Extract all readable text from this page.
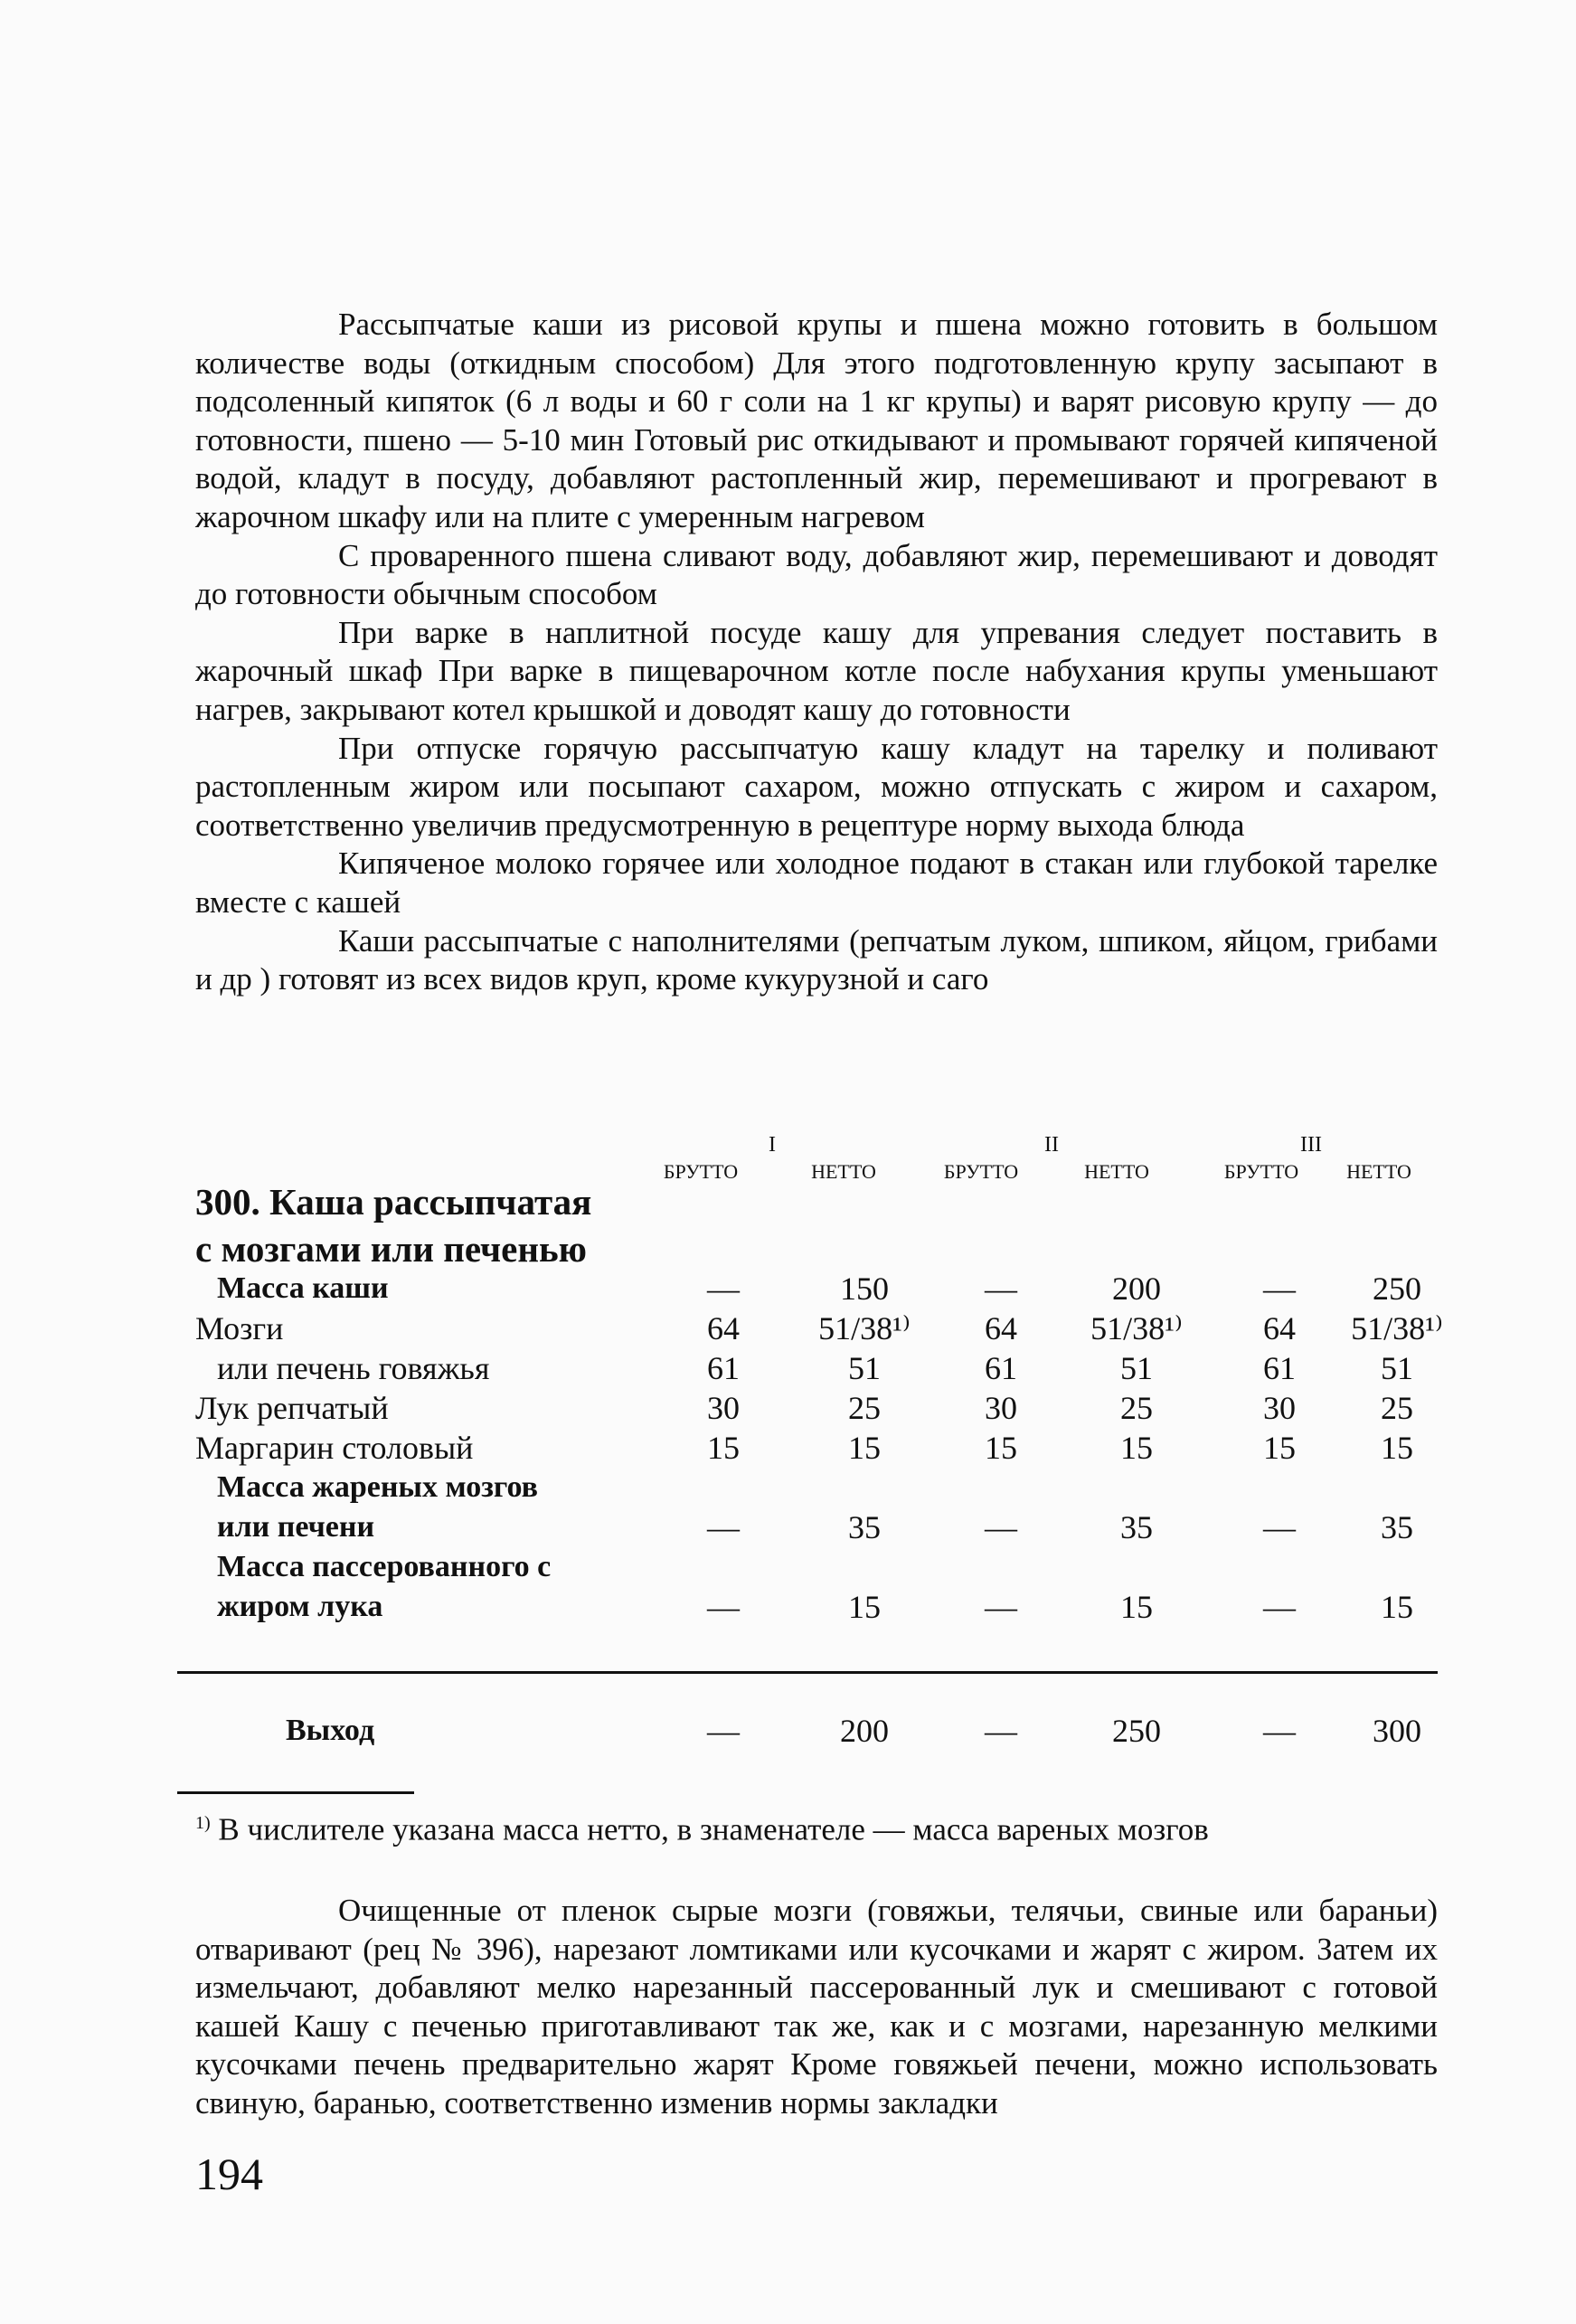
Рассыпчатые каши из рисовой крупы и пшена можно готовить в большом количестве воды (откидным способом) Для этого подготовленную крупу засыпают в подсоленный кипяток (6 л воды и 60 г соли на 1 кг крупы) и варят рисовую крупу — до готовности, пшено — 5-10 мин Готовый рис откидывают и промывают горячей кипяченой водой, кладут в посуду, добавляют растопленный жир, перемешивают и прогревают в жарочном шкафу или на плите с умеренным нагревом

С проваренного пшена сливают воду, добавляют жир, перемешивают и доводят до готовности обычным способом

При варке в наплитной посуде кашу для упревания следует поставить в жарочный шкаф При варке в пищеварочном котле после набухания крупы уменьшают нагрев, закрывают котел крышкой и доводят кашу до готовности

При отпуске горячую рассыпчатую кашу кладут на тарелку и поливают растопленным жиром или посыпают сахаром, можно отпускать с жиром и сахаром, соответственно увеличив предусмотренную в рецептуре норму выхода блюда

Кипяченое молоко горячее или холодное подают в стакан или глубокой тарелке вместе с кашей

Каши рассыпчатые с наполнителями (репчатым луком, шпиком, яйцом, грибами и др ) готовят из всех видов круп, кроме кукурузной и саго

I	II	III
БРУТТО	НЕТТО	БРУТТО	НЕТТО	БРУТТО	НЕТТО
300. Каша рассыпчатая
с мозгами или печенью
Масса каши	—	150	—	200	—	250
Мозги	64	51/38¹⁾	64	51/38¹⁾	64	51/38¹⁾
или печень говяжья	61	51	61	51	61	51
Лук репчатый	30	25	30	25	30	25
Маргарин столовый	15	15	15	15	15	15
Масса жареных мозгов
или печени	—	35	—	35	—	35
Масса пассерованного с
жиром лука	—	15	—	15	—	15
Выход	—	200	—	250	—	300
$^{1)}$ В числителе указана масса нетто, в знаменателе — масса вареных мозгов

Очищенные от пленок сырые мозги (говяжьи, телячьи, свиные или бараньи) отваривают (рец № 396), нарезают ломтиками или кусочками и жарят с жиром. Затем их измельчают, добавляют мелко нарезанный пассерованный лук и смешивают с готовой кашей Кашу с печенью приготавливают так же, как и с мозгами, нарезанную мелкими кусочками печень предварительно жарят Кроме говяжьей печени, можно использовать свиную, баранью, соответственно изменив нормы закладки

194
